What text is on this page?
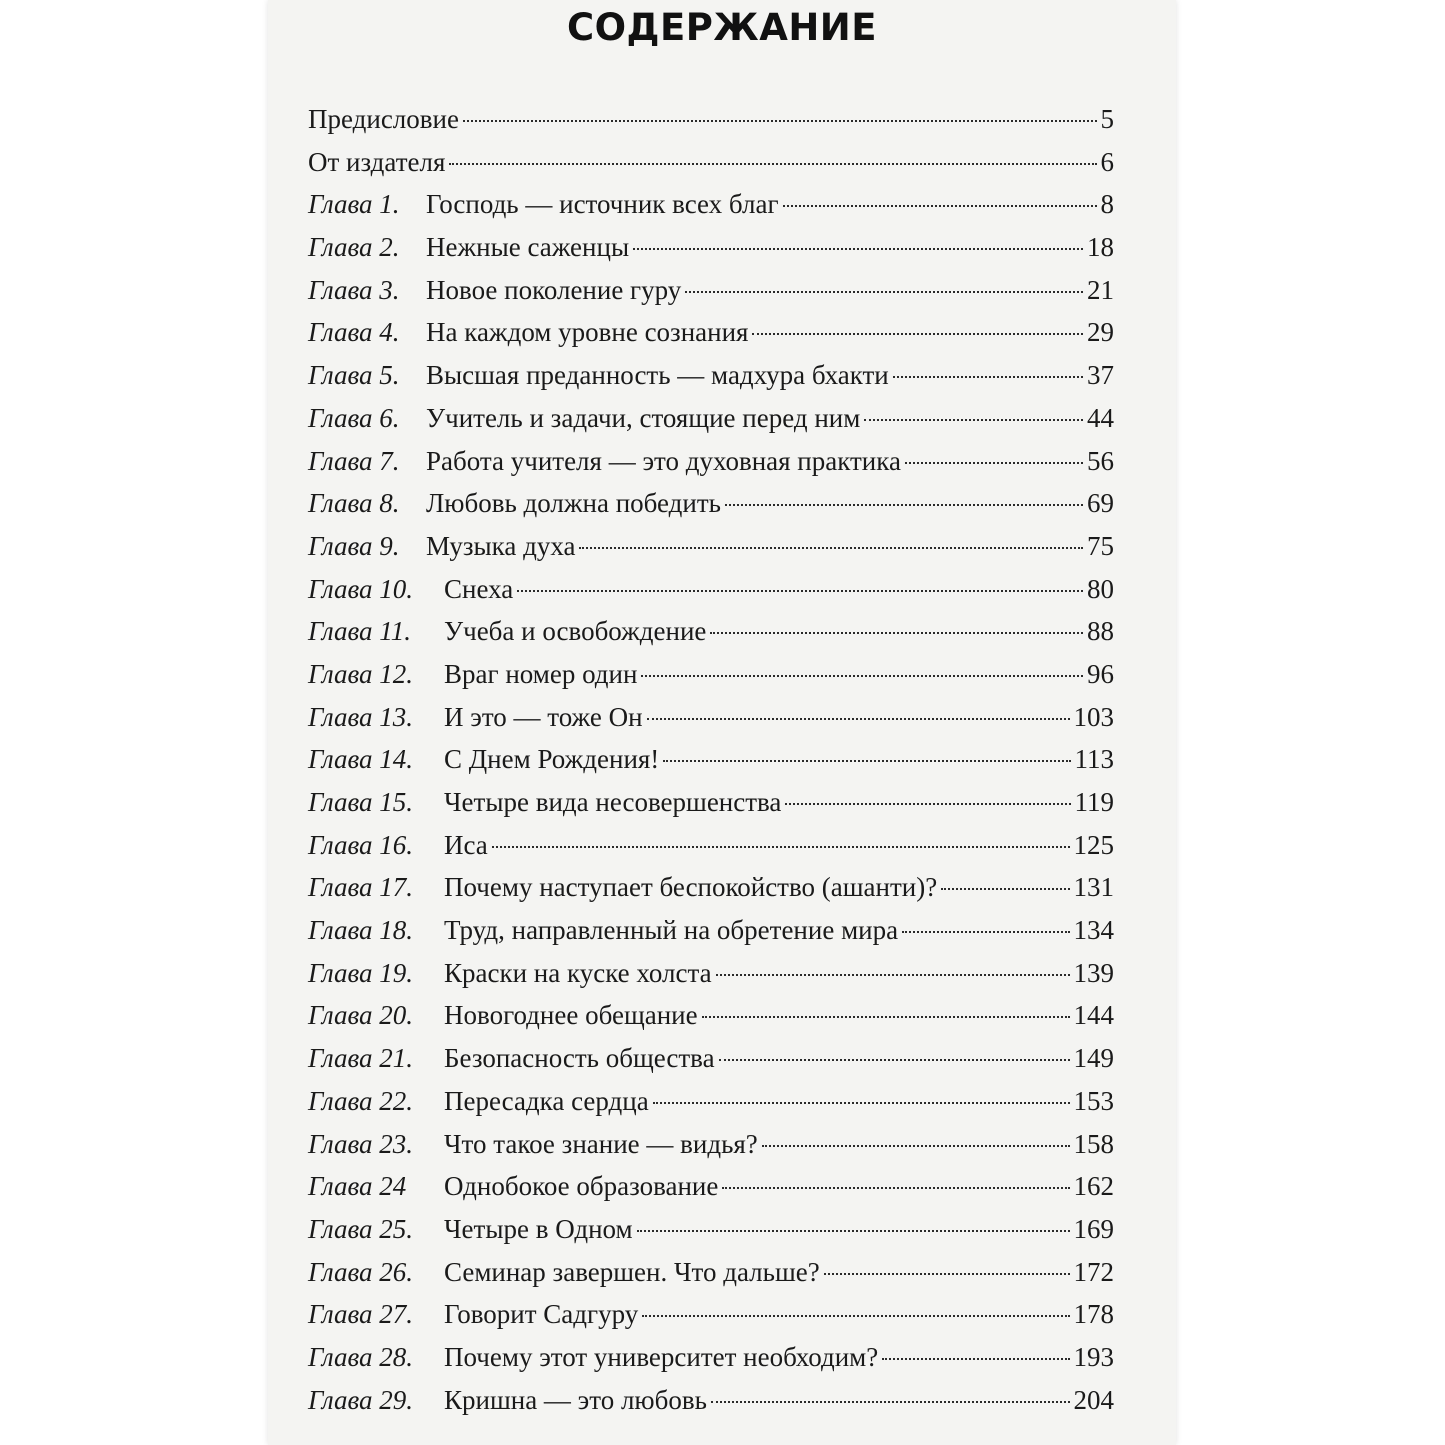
СОДЕРЖАНИЕ
Предисловие	5
От издателя	6
Глава 1. Господь — источник всех благ	8
Глава 2. Нежные саженцы	18
Глава 3. Новое поколение гуру	21
Глава 4. На каждом уровне сознания	29
Глава 5. Высшая преданность — мадхура бхакти	37
Глава 6. Учитель и задачи, стоящие перед ним	44
Глава 7. Работа учителя — это духовная практика	56
Глава 8. Любовь должна победить	69
Глава 9. Музыка духа	75
Глава 10.	Снеха	80
Глава 11.	Учеба и освобождение	88
Глава 12.	Враг номер один	96
Глава 13.	И это — тоже Он	103
Глава 14.	С Днем Рождения!	113
Глава 15.	Четыре вида несовершенства	119
Глава 16.	Иса	125
Глава 17.	Почему наступает беспокойство (ашанти)?	131
Глава 18.	Труд, направленный на обретение мира	134
Глава 19.	Краски на куске холста	139
Глава 20.	Новогоднее обещание	144
Глава 21.	Безопасность общества	149
Глава 22.	Пересадка сердца	153
Глава 23.	Что такое знание — видья?	158
Глава 24	Однобокое образование	162
Глава 25.	Четыре в Одном	169
Глава 26.	Семинар завершен. Что дальше?	172
Глава 27.	Говорит Садгуру	178
Глава 28.	Почему этот университет необходим?	193
Глава 29.	Кришна — это любовь	204
